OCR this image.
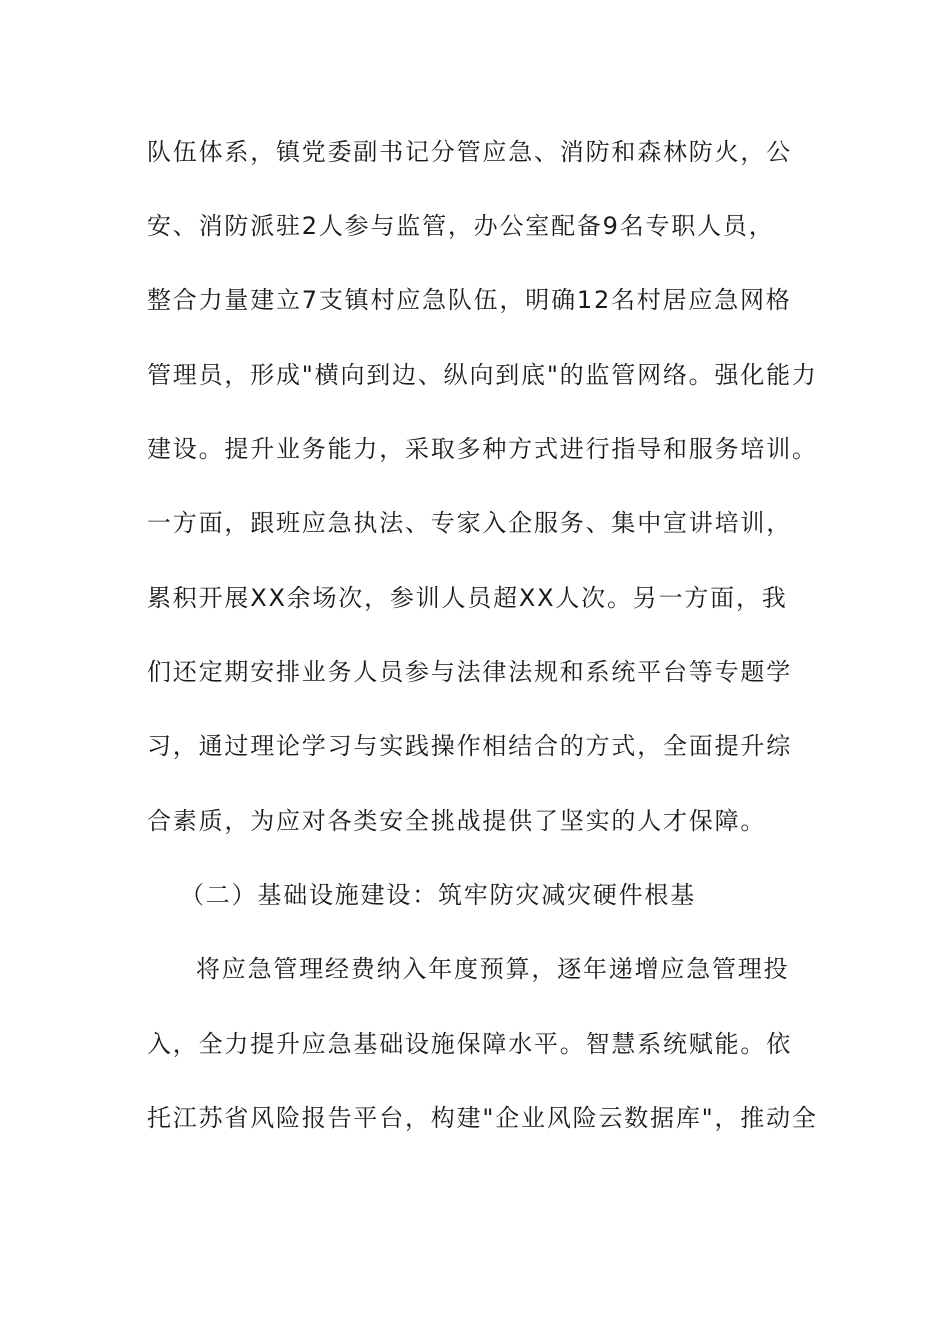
队伍体系，镇党委副书记分管应急、消防和森林防火，公
安、消防派驻2人参与监管，办公室配备9名专职人员，
整合力量建立7支镇村应急队伍，明确12名村居应急网格
管理员，形成"横向到边、纵向到底"的监管网络。强化能力
建设。提升业务能力，采取多种方式进行指导和服务培训。
一方面，跟班应急执法、专家入企服务、集中宣讲培训，
累积开展XX余场次，参训人员超XX人次。另一方面，我
们还定期安排业务人员参与法律法规和系统平台等专题学
习，通过理论学习与实践操作相结合的方式，全面提升综
合素质，为应对各类安全挑战提供了坚实的人才保障。
（二）基础设施建设：筑牢防灾减灾硬件根基
将应急管理经费纳入年度预算，逐年递增应急管理投
入，全力提升应急基础设施保障水平。智慧系统赋能。依
托江苏省风险报告平台，构建"企业风险云数据库"，推动全
